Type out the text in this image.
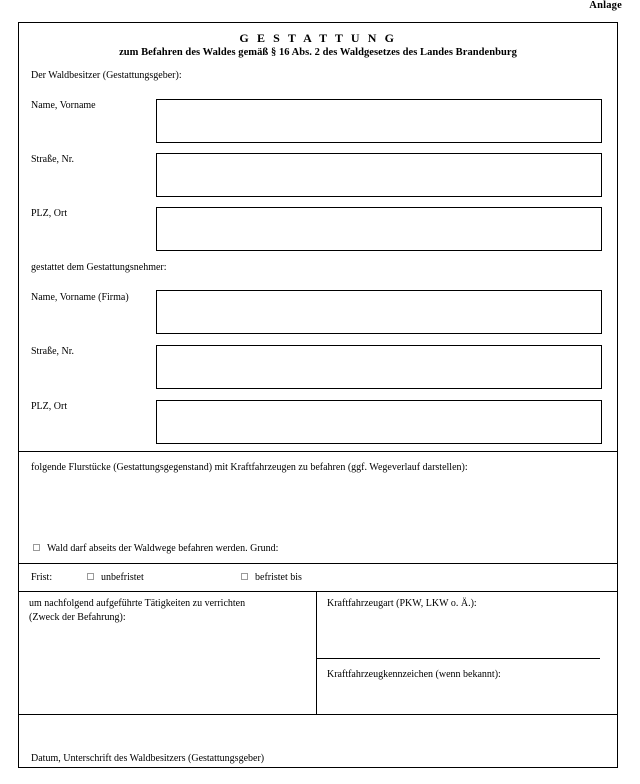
Anlage
G E S T A T T U N G
zum Befahren des Waldes gemäß § 16 Abs. 2 des Waldgesetzes des Landes Brandenburg
Der Waldbesitzer (Gestattungsgeber):
Name, Vorname
Straße, Nr.
PLZ, Ort
gestattet dem Gestattungsnehmer:
Name, Vorname (Firma)
Straße, Nr.
PLZ, Ort
folgende Flurstücke (Gestattungsgegenstand) mit Kraftfahrzeugen zu befahren (ggf. Wegeverlauf darstellen):
Wald darf abseits der Waldwege befahren werden. Grund:
Frist:	unbefristet	befristet bis
um nachfolgend aufgeführte Tätigkeiten zu verrichten
(Zweck der Befahrung):
Kraftfahrzeugart (PKW, LKW o. Ä.):
Kraftfahrzeugkennzeichen (wenn bekannt):
Datum, Unterschrift des Waldbesitzers (Gestattungsgeber)
